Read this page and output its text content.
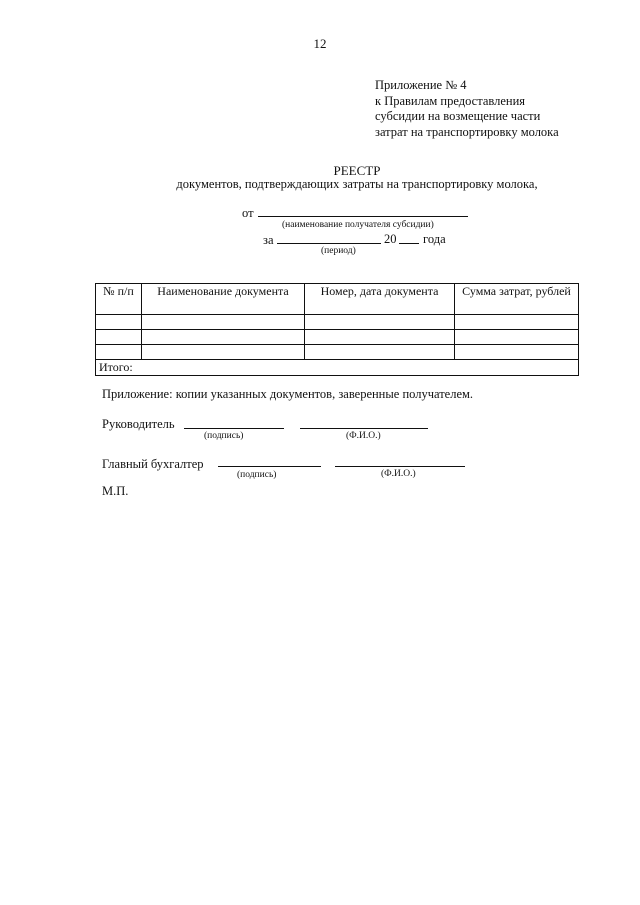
12
Приложение № 4
к Правилам предоставления
субсидии на возмещение части
затрат на транспортировку молока
РЕЕСТР
документов, подтверждающих затраты на транспортировку молока,
от
(наименование получателя субсидии)
за	20 года
(период)
№ п/п	Наименование документа	Номер, дата документа	Сумма затрат, рублей

Итого:			
Приложение: копии указанных документов, заверенные получателем.
Руководитель
(подпись)	(Ф.И.О.)
Главный бухгалтер
(подпись)	(Ф.И.О.)
М.П.
